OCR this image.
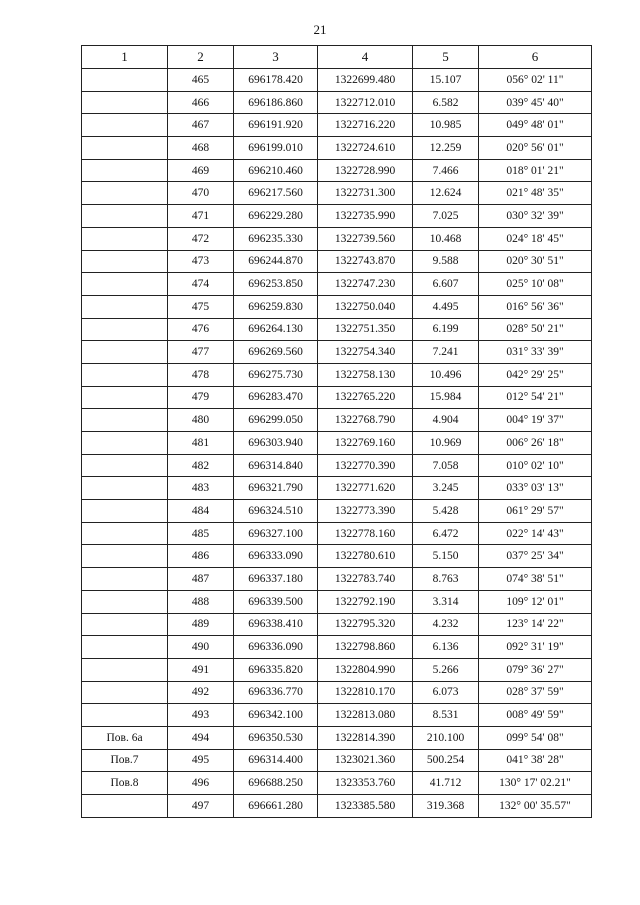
21
1	2	3	4	5	6
	465	696178.420	1322699.480	15.107	056° 02' 11"
	466	696186.860	1322712.010	6.582	039° 45' 40"
	467	696191.920	1322716.220	10.985	049° 48' 01"
	468	696199.010	1322724.610	12.259	020° 56' 01"
	469	696210.460	1322728.990	7.466	018° 01' 21"
	470	696217.560	1322731.300	12.624	021° 48' 35"
	471	696229.280	1322735.990	7.025	030° 32' 39"
	472	696235.330	1322739.560	10.468	024° 18' 45"
	473	696244.870	1322743.870	9.588	020° 30' 51"
	474	696253.850	1322747.230	6.607	025° 10' 08"
	475	696259.830	1322750.040	4.495	016° 56' 36"
	476	696264.130	1322751.350	6.199	028° 50' 21"
	477	696269.560	1322754.340	7.241	031° 33' 39"
	478	696275.730	1322758.130	10.496	042° 29' 25"
	479	696283.470	1322765.220	15.984	012° 54' 21"
	480	696299.050	1322768.790	4.904	004° 19' 37"
	481	696303.940	1322769.160	10.969	006° 26' 18"
	482	696314.840	1322770.390	7.058	010° 02' 10"
	483	696321.790	1322771.620	3.245	033° 03' 13"
	484	696324.510	1322773.390	5.428	061° 29' 57"
	485	696327.100	1322778.160	6.472	022° 14' 43"
	486	696333.090	1322780.610	5.150	037° 25' 34"
	487	696337.180	1322783.740	8.763	074° 38' 51"
	488	696339.500	1322792.190	3.314	109° 12' 01"
	489	696338.410	1322795.320	4.232	123° 14' 22"
	490	696336.090	1322798.860	6.136	092° 31' 19"
	491	696335.820	1322804.990	5.266	079° 36' 27"
	492	696336.770	1322810.170	6.073	028° 37' 59"
	493	696342.100	1322813.080	8.531	008° 49' 59"
Пов. 6а	494	696350.530	1322814.390	210.100	099° 54' 08"
Пов.7	495	696314.400	1323021.360	500.254	041° 38' 28"
Пов.8	496	696688.250	1323353.760	41.712	130° 17' 02.21"
	497	696661.280	1323385.580	319.368	132° 00' 35.57"
